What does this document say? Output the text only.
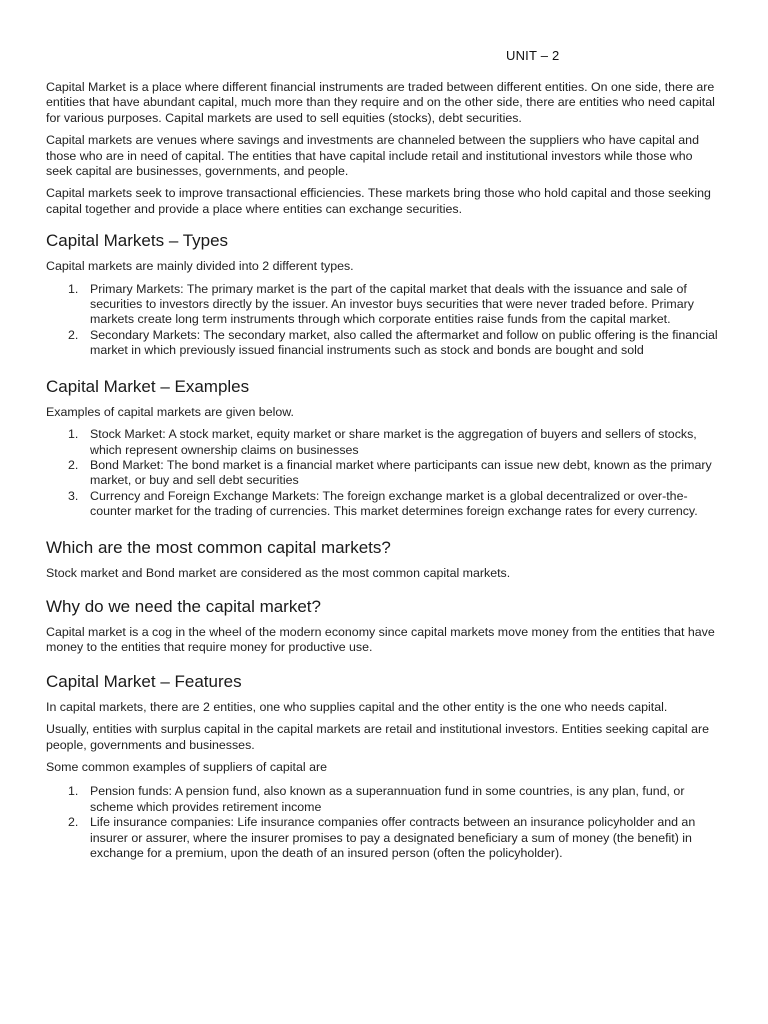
UNIT – 2

Capital Market is a place where different financial instruments are traded between different entities. On one side, there are entities that have abundant capital, much more than they require and on the other side, there are entities who need capital for various purposes. Capital markets are used to sell equities (stocks), debt securities.

Capital markets are venues where savings and investments are channeled between the suppliers who have capital and those who are in need of capital. The entities that have capital include retail and institutional investors while those who seek capital are businesses, governments, and people.

Capital markets seek to improve transactional efficiencies. These markets bring those who hold capital and those seeking capital together and provide a place where entities can exchange securities.

Capital Markets – Types

Capital markets are mainly divided into 2 different types.

1. Primary Markets: The primary market is the part of the capital market that deals with the issuance and sale of securities to investors directly by the issuer. An investor buys securities that were never traded before. Primary markets create long term instruments through which corporate entities raise funds from the capital market.
2. Secondary Markets: The secondary market, also called the aftermarket and follow on public offering is the financial market in which previously issued financial instruments such as stock and bonds are bought and sold
Capital Market – Examples

Examples of capital markets are given below.

1. Stock Market: A stock market, equity market or share market is the aggregation of buyers and sellers of stocks, which represent ownership claims on businesses
2. Bond Market: The bond market is a financial market where participants can issue new debt, known as the primary market, or buy and sell debt securities
3. Currency and Foreign Exchange Markets: The foreign exchange market is a global decentralized or over-the-counter market for the trading of currencies. This market determines foreign exchange rates for every currency.
Which are the most common capital markets?

Stock market and Bond market are considered as the most common capital markets.

Why do we need the capital market?

Capital market is a cog in the wheel of the modern economy since capital markets move money from the entities that have money to the entities that require money for productive use.

Capital Market – Features

In capital markets, there are 2 entities, one who supplies capital and the other entity is the one who needs capital.

Usually, entities with surplus capital in the capital markets are retail and institutional investors. Entities seeking capital are people, governments and businesses.

Some common examples of suppliers of capital are

1. Pension funds: A pension fund, also known as a superannuation fund in some countries, is any plan, fund, or scheme which provides retirement income
2. Life insurance companies: Life insurance companies offer contracts between an insurance policyholder and an insurer or assurer, where the insurer promises to pay a designated beneficiary a sum of money (the benefit) in exchange for a premium, upon the death of an insured person (often the policyholder).
